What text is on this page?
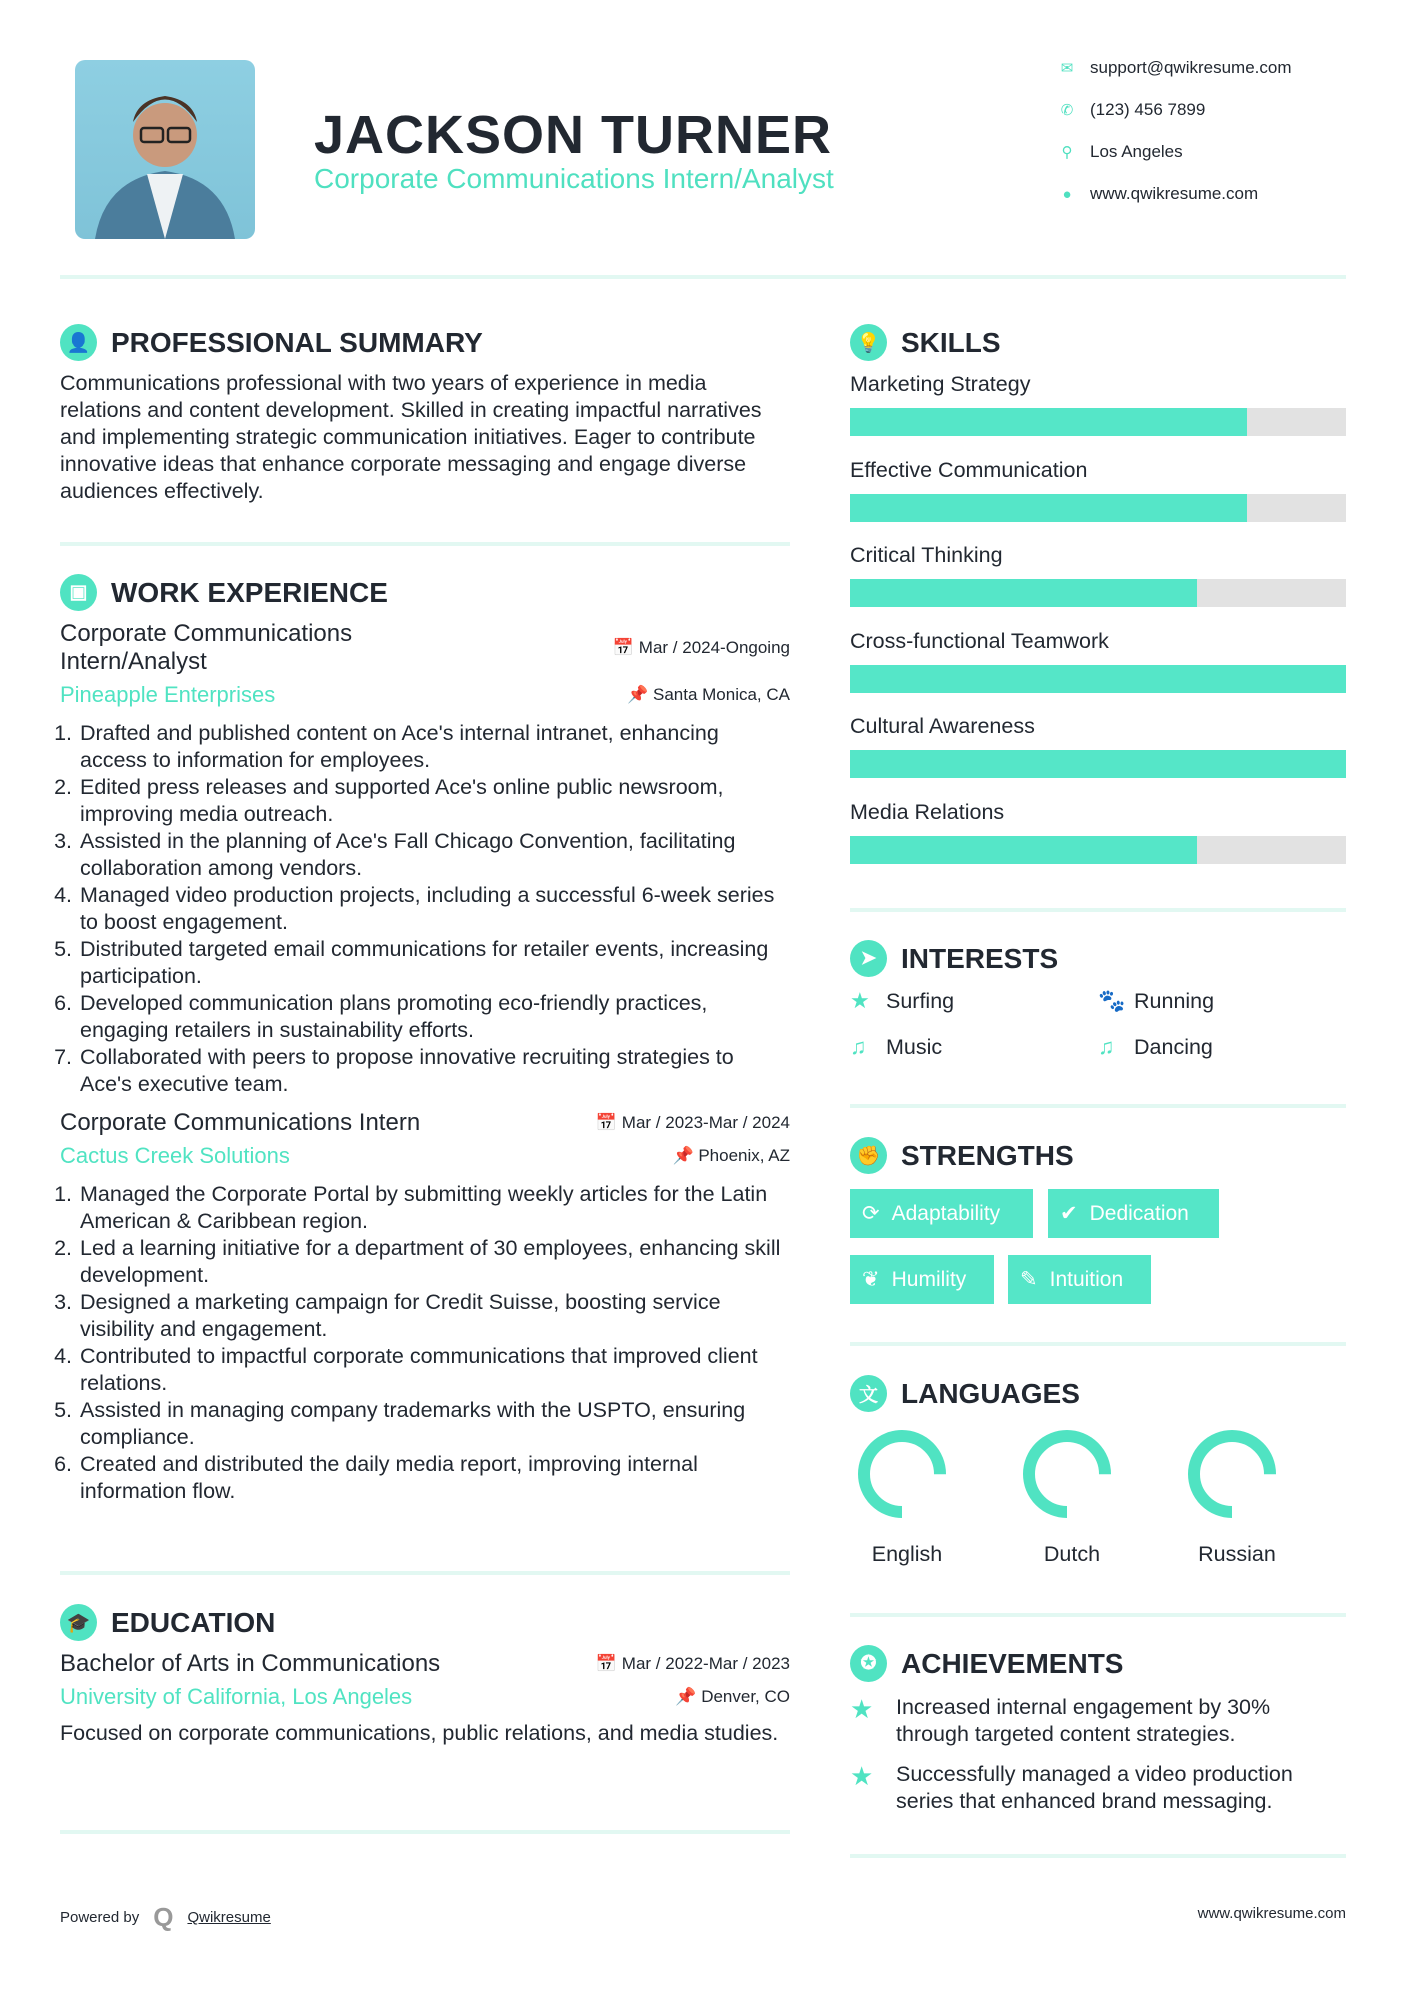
JACKSON TURNER
Corporate Communications Intern/Analyst
✉ support@qwikresume.com
✆ (123) 456 7899
⚲ Los Angeles
● www.qwikresume.com
👤 PROFESSIONAL SUMMARY
Communications professional with two years of experience in media relations and content development. Skilled in creating impactful narratives and implementing strategic communication initiatives. Eager to contribute innovative ideas that enhance corporate messaging and engage diverse audiences effectively.
▣ WORK EXPERIENCE
Corporate Communications Intern/Analyst
📅 Mar / 2024-Ongoing
Pineapple Enterprises	📌 Santa Monica, CA
1. Drafted and published content on Ace's internal intranet, enhancing access to information for employees.
2. Edited press releases and supported Ace's online public newsroom, improving media outreach.
3. Assisted in the planning of Ace's Fall Chicago Convention, facilitating collaboration among vendors.
4. Managed video production projects, including a successful 6-week series to boost engagement.
5. Distributed targeted email communications for retailer events, increasing participation.
6. Developed communication plans promoting eco-friendly practices, engaging retailers in sustainability efforts.
7. Collaborated with peers to propose innovative recruiting strategies to Ace's executive team.
Corporate Communications Intern	📅 Mar / 2023-Mar / 2024
Cactus Creek Solutions	📌 Phoenix, AZ
1. Managed the Corporate Portal by submitting weekly articles for the Latin American & Caribbean region.
2. Led a learning initiative for a department of 30 employees, enhancing skill development.
3. Designed a marketing campaign for Credit Suisse, boosting service visibility and engagement.
4. Contributed to impactful corporate communications that improved client relations.
5. Assisted in managing company trademarks with the USPTO, ensuring compliance.
6. Created and distributed the daily media report, improving internal information flow.
🎓 EDUCATION
Bachelor of Arts in Communications	📅 Mar / 2022-Mar / 2023
University of California, Los Angeles	📌 Denver, CO
Focused on corporate communications, public relations, and media studies.
💡 SKILLS
Marketing Strategy
Effective Communication
Critical Thinking
Cross-functional Teamwork
Cultural Awareness
Media Relations
➤ INTERESTS
★ Surfing	🐾 Running
♫ Music	♫ Dancing
✊ STRENGTHS
⟳ Adaptability	✔ Dedication
❦ Humility	✎ Intuition
文 LANGUAGES
English	Dutch	Russian
✪ ACHIEVEMENTS
★	Increased internal engagement by 30% through targeted content strategies.
★	Successfully managed a video production series that enhanced brand messaging.
Powered by Q Qwikresume	www.qwikresume.com
